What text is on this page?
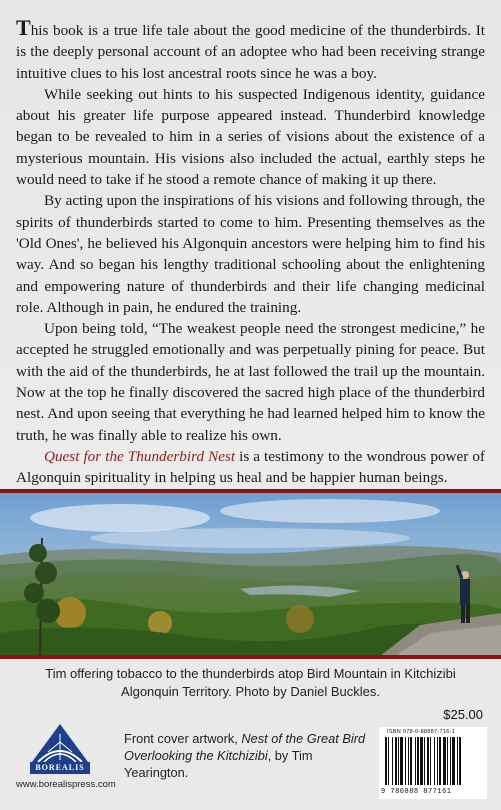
This book is a true life tale about the good medicine of the thunderbirds. It is the deeply personal account of an adoptee who had been receiving strange intuitive clues to his lost ancestral roots since he was a boy.

While seeking out hints to his suspected Indigenous identity, guidance about his greater life purpose appeared instead. Thunderbird knowledge began to be revealed to him in a series of visions about the existence of a mysterious mountain. His visions also included the actual, earthly steps he would need to take if he stood a remote chance of making it up there.

By acting upon the inspirations of his visions and following through, the spirits of thunderbirds started to come to him. Presenting themselves as the 'Old Ones', he believed his Algonquin ancestors were helping him to find his way. And so began his lengthy traditional schooling about the enlightening and empowering nature of thunderbirds and their life changing medicinal role. Although in pain, he endured the training.

Upon being told, “The weakest people need the strongest medicine,” he accepted he struggled emotionally and was perpetually pining for peace. But with the aid of the thunderbirds, he at last followed the trail up the mountain. Now at the top he finally discovered the sacred high place of the thunderbird nest. And upon seeing that everything he had learned helped him to know the truth, he was finally able to realize his own.

Quest for the Thunderbird Nest is a testimony to the wondrous power of Algonquin spirituality in helping us heal and be happier human beings.

Tim offering tobacco to the thunderbirds atop Bird Mountain in Kitchizibi
Algonquin Territory. Photo by Daniel Buckles.
$25.00
BOREALIS
www.borealispress.com
Front cover artwork, Nest of the Great Bird Overlooking the Kitchizibi, by Tim Yearington.
ISBN 978-0-88887-716-1
9 780888 877161
